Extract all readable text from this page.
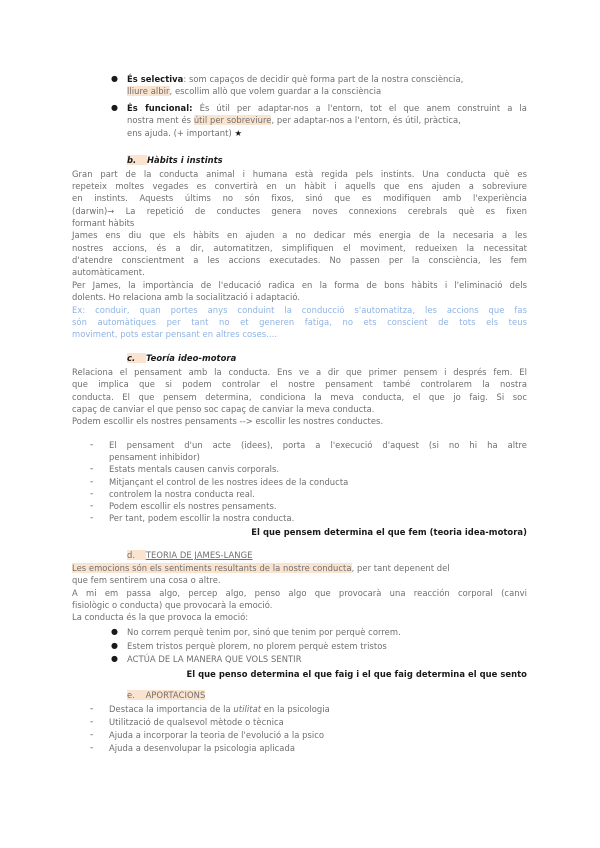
● És selectiva: som capaços de decidir què forma part de la nostra consciència,
lliure albir, escollim allò que volem guardar a la consciència
● És funcional: És útil per adaptar-nos a l'entorn, tot el que anem construint a la
nostra ment és útil per sobreviure, per adaptar-nos a l'entorn, és útil, pràctica,
ens ajuda. (+ important) ★
b. Hàbits i instints
Gran part de la conducta animal i humana està regida pels instints. Una conducta què es
repeteix moltes vegades es convertirà en un hàbit i aquells que ens ajuden a sobreviure
en instints. Aquests últims no són fixos, sinó que es modifiquen amb l'experiència
(darwin)→ La repetició de conductes genera noves connexions cerebrals què es fixen
formant hàbits
James ens diu que els hàbits en ajuden a no dedicar més energia de la necesaria a les
nostres accions, és a dir, automatitzen, simplifiquen el moviment, redueixen la necessitat
d'atendre conscientment a les accions executades. No passen per la consciència, les fem
automàticament.
Per James, la importància de l'educació radica en la forma de bons hàbits i l'eliminació dels
dolents. Ho relaciona amb la socialització i adaptació.
Ex: conduir, quan portes anys conduint la conducció s'automatitza, les accions que fas
són automàtiques per tant no et generen fatiga, no ets conscient de tots els teus
moviment, pots estar pensant en altres coses....
c. Teoría ideo-motora
Relaciona el pensament amb la conducta. Ens ve a dir que primer pensem i després fem. El
que implica que si podem controlar el nostre pensament també controlarem la nostra
conducta. El que pensem determina, condiciona la meva conducta, el que jo faig. Si soc
capaç de canviar el que penso soc capaç de canviar la meva conducta.
Podem escollir els nostres pensaments --> escollir les nostres conductes.
- El pensament d'un acte (idees), porta a l'execució d'aquest (si no hi ha altre
pensament inhibidor)
- Estats mentals causen canvis corporals.
- Mitjançant el control de les nostres idees de la conducta
- controlem la nostra conducta real.
- Podem escollir els nostres pensaments.
- Per tant, podem escollir la nostra conducta.
El que pensem determina el que fem (teoria idea-motora)
d. TEORIA DE JAMES-LANGE
Les emocions són els sentiments resultants de la nostre conducta, per tant depenent del
que fem sentirem una cosa o altre.
A mi em passa algo, percep algo, penso algo que provocarà una reacción corporal (canvi
fisiològic o conducta) que provocarà la emoció.
La conducta és la que provoca la emoció:
● No correm perquè tenim por, sinó que tenim por perquè correm.
● Estem tristos perquè plorem, no plorem perquè estem tristos
● ACTÚA DE LA MANERA QUE VOLS SENTIR
El que penso determina el que faig i el que faig determina el que sento
e. APORTACIONS
- Destaca la importancia de la utilitat en la psicologia
- Utilització de qualsevol mètode o tècnica
- Ajuda a incorporar la teoria de l'evolució a la psico
- Ajuda a desenvolupar la psicologia aplicada
